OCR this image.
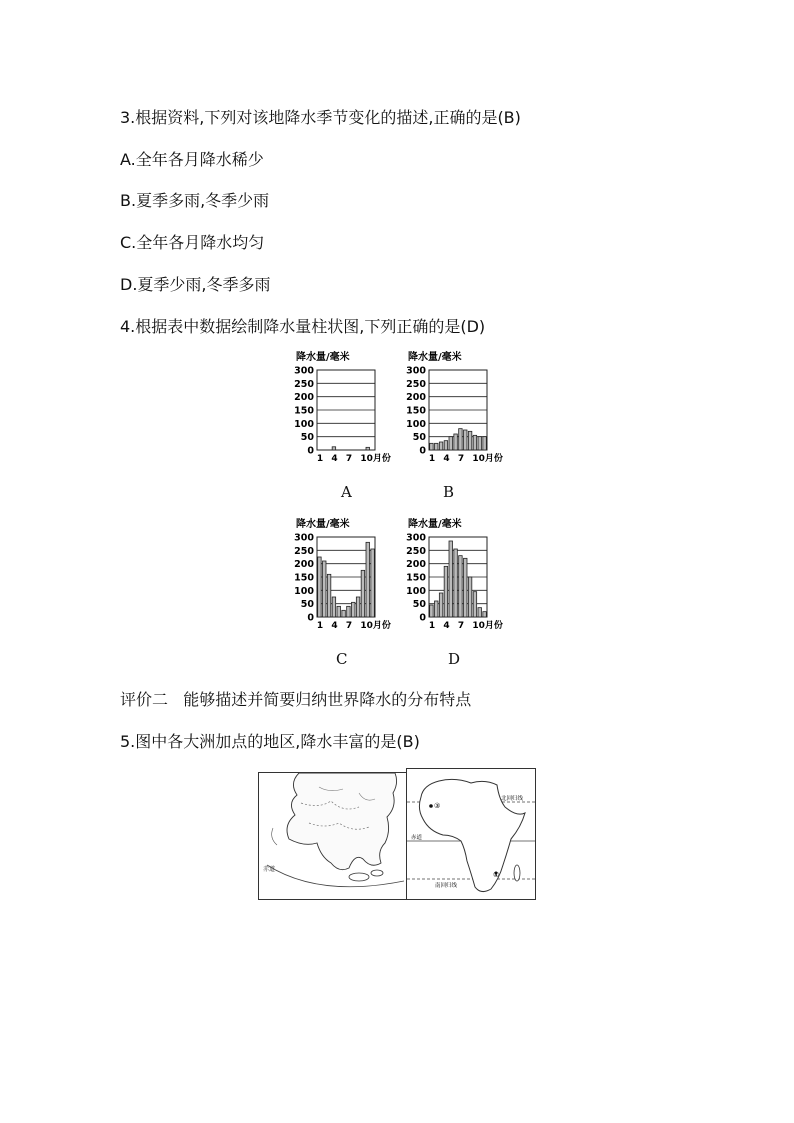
3.根据资料,下列对该地降水季节变化的描述,正确的是(B)
A.全年各月降水稀少
B.夏季多雨,冬季少雨
C.全年各月降水均匀
D.夏季少雨,冬季多雨
4.根据表中数据绘制降水量柱状图,下列正确的是(D)
降水量/毫米
300
250
200
150
100
50
0
1 4 7 10月份
降水量/毫米
300
250
200
150
100
50
0
1 4 7 10月份
降水量/毫米
300
250
200
150
100
50
0
1 4 7 10月份
降水量/毫米
300
250
200
150
100
50
0
1 4 7 10月份
A	B
C	D
评价二   能够描述并简要归纳世界降水的分布特点
5.图中各大洲加点的地区,降水丰富的是(B)
赤道
③
④
北回归线
赤道
南回归线
